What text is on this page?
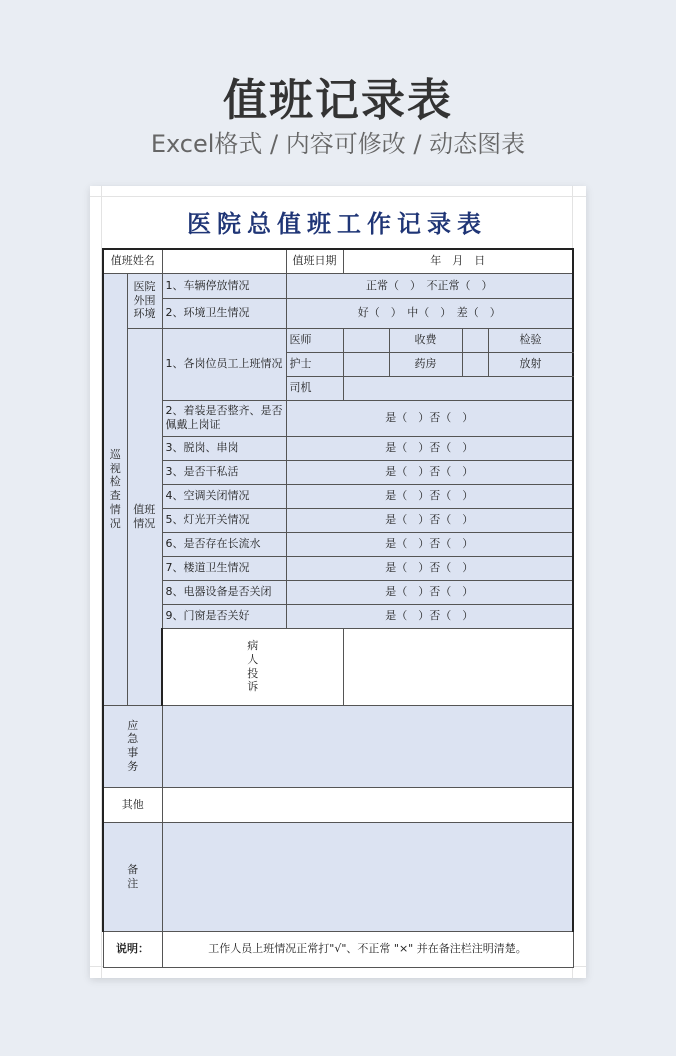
值班记录表
Excel格式 / 内容可修改 / 动态图表
医院总值班工作记录表
值班姓名			值班日期	年　月　日				
巡视检查情况	医院外围环境	1、车辆停放情况	正常（　）　不正常（　）					
		2、环境卫生情况	好（　）　中（　）　差（　）					
	值班情况	1、各岗位员工上班情况	医师		收费		检验	
			护士		药房		放射	
			司机					
		2、着装是否整齐、是否佩戴上岗证	是（　）否（　）					
		3、脱岗、串岗	是（　）否（　）					
		3、是否干私活	是（　）否（　）					
		4、空调关闭情况	是（　）否（　）					
		5、灯光开关情况	是（　）否（　）					
		6、是否存在长流水	是（　）否（　）					
		7、楼道卫生情况	是（　）否（　）					
		8、电器设备是否关闭	是（　）否（　）					
		9、门窗是否关好	是（　）否（　）					
		病人投诉						
应急事务								
其他								
备注								
说明：		工作人员上班情况正常打"√"、不正常 "×" 并在备注栏注明清楚。						
